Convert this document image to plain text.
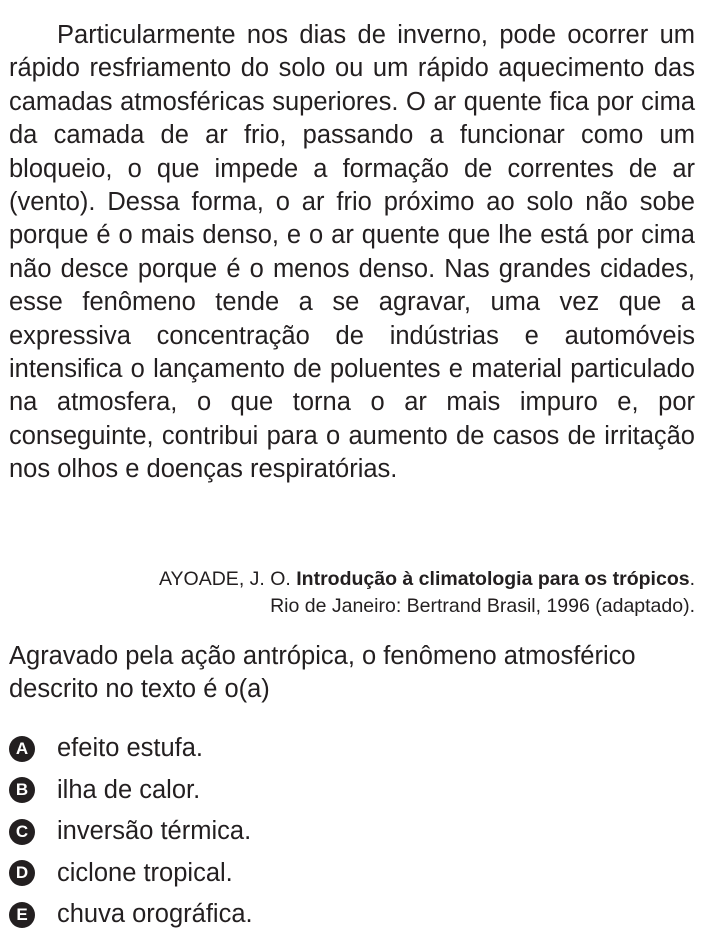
Particularmente nos dias de inverno, pode ocorrer um rápido resfriamento do solo ou um rápido aquecimento das camadas atmosféricas superiores. O ar quente fica por cima da camada de ar frio, passando a funcionar como um bloqueio, o que impede a formação de correntes de ar (vento). Dessa forma, o ar frio próximo ao solo não sobe porque é o mais denso, e o ar quente que lhe está por cima não desce porque é o menos denso. Nas grandes cidades, esse fenômeno tende a se agravar, uma vez que a expressiva concentração de indústrias e automóveis intensifica o lançamento de poluentes e material particulado na atmosfera, o que torna o ar mais impuro e, por conseguinte, contribui para o aumento de casos de irritação nos olhos e doenças respiratórias.

AYOADE, J. O. Introdução à climatologia para os trópicos.
Rio de Janeiro: Bertrand Brasil, 1996 (adaptado).

Agravado pela ação antrópica, o fenômeno atmosférico descrito no texto é o(a)

A efeito estufa.
B ilha de calor.
C inversão térmica.
D ciclone tropical.
E chuva orográfica.
